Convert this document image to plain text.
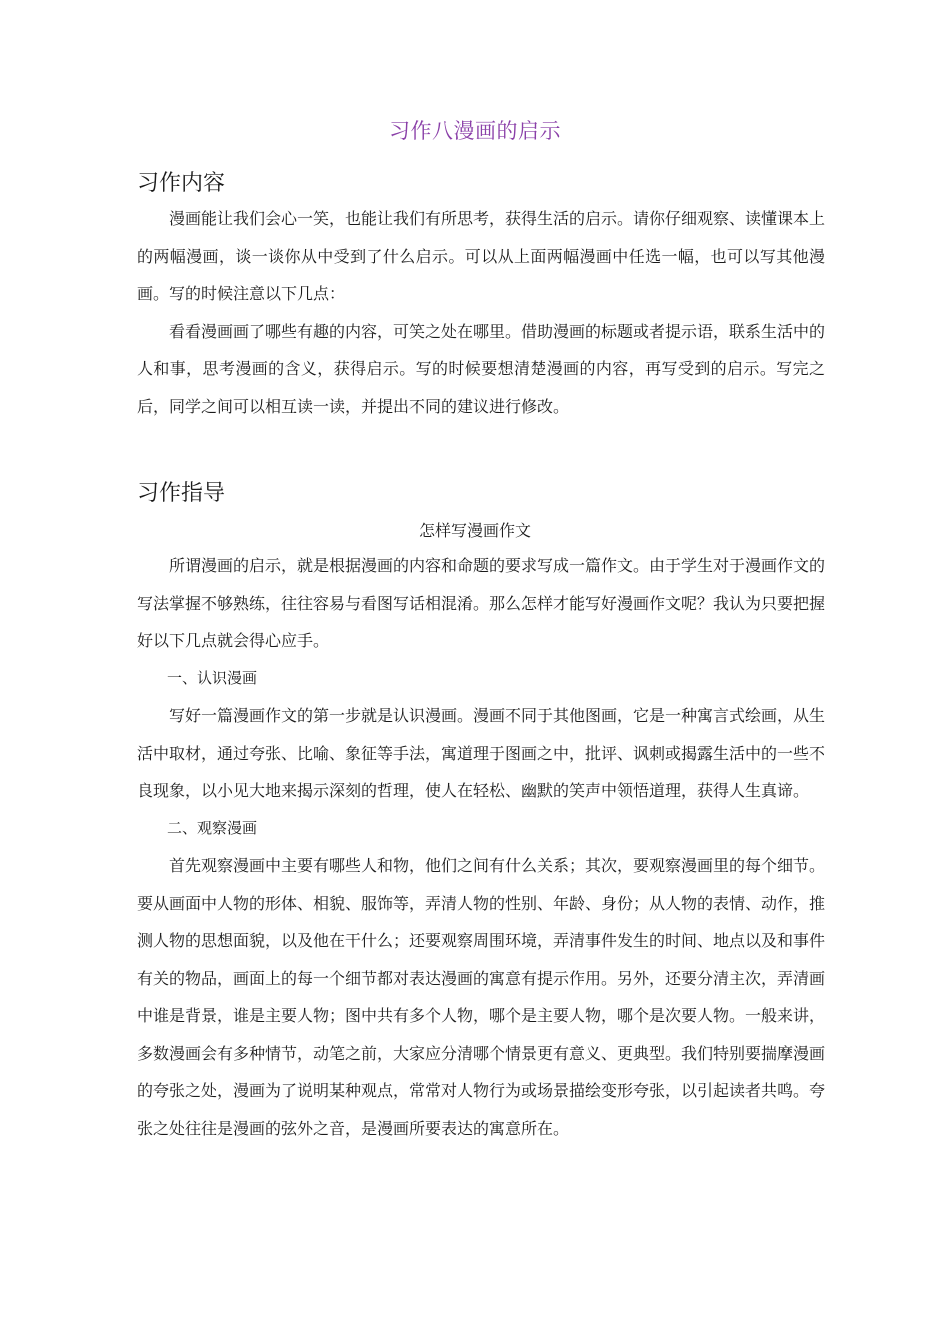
习作八漫画的启示
习作内容

漫画能让我们会心一笑，也能让我们有所思考，获得生活的启示。请你仔细观察、读懂课本上的两幅漫画，谈一谈你从中受到了什么启示。可以从上面两幅漫画中任选一幅，也可以写其他漫画。写的时候注意以下几点：

看看漫画画了哪些有趣的内容，可笑之处在哪里。借助漫画的标题或者提示语，联系生活中的人和事，思考漫画的含义，获得启示。写的时候要想清楚漫画的内容，再写受到的启示。写完之后，同学之间可以相互读一读，并提出不同的建议进行修改。

习作指导
怎样写漫画作文

所谓漫画的启示，就是根据漫画的内容和命题的要求写成一篇作文。由于学生对于漫画作文的写法掌握不够熟练，往往容易与看图写话相混淆。那么怎样才能写好漫画作文呢？我认为只要把握好以下几点就会得心应手。

一、认识漫画

写好一篇漫画作文的第一步就是认识漫画。漫画不同于其他图画，它是一种寓言式绘画，从生活中取材，通过夸张、比喻、象征等手法，寓道理于图画之中，批评、讽刺或揭露生活中的一些不良现象，以小见大地来揭示深刻的哲理，使人在轻松、幽默的笑声中领悟道理，获得人生真谛。

二、观察漫画

首先观察漫画中主要有哪些人和物，他们之间有什么关系；其次，要观察漫画里的每个细节。要从画面中人物的形体、相貌、服饰等，弄清人物的性别、年龄、身份；从人物的表情、动作，推测人物的思想面貌，以及他在干什么；还要观察周围环境，弄清事件发生的时间、地点以及和事件有关的物品，画面上的每一个细节都对表达漫画的寓意有提示作用。另外，还要分清主次，弄清画中谁是背景，谁是主要人物；图中共有多个人物，哪个是主要人物，哪个是次要人物。一般来讲，多数漫画会有多种情节，动笔之前，大家应分清哪个情景更有意义、更典型。我们特别要揣摩漫画的夸张之处，漫画为了说明某种观点，常常对人物行为或场景描绘变形夸张，以引起读者共鸣。夸张之处往往是漫画的弦外之音，是漫画所要表达的寓意所在。
